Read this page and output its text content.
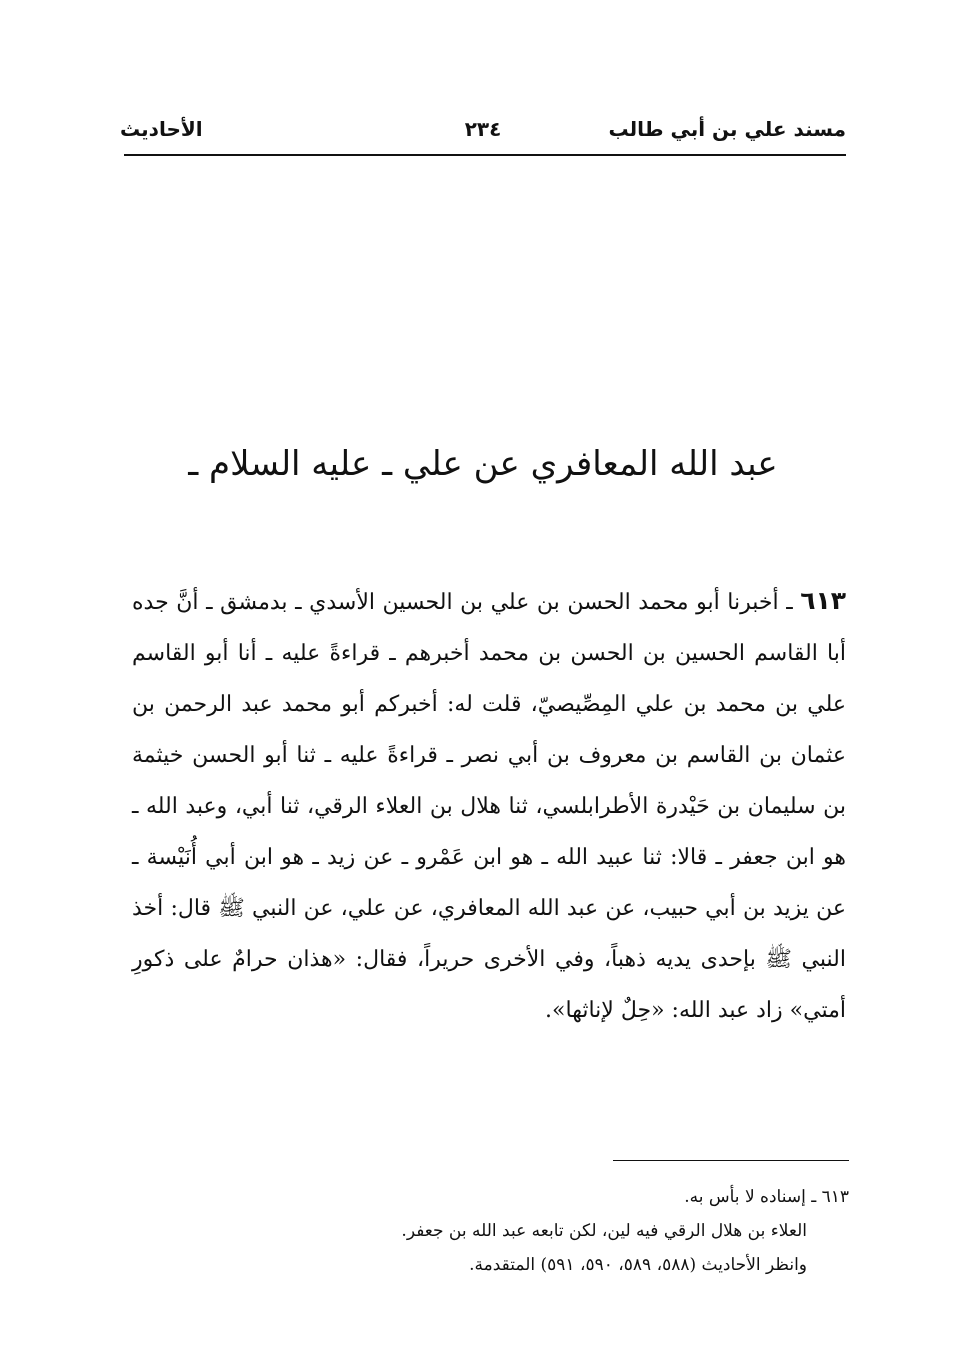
مسند علي بن أبي طالب
٢٣٤
الأحاديث
عبد الله المعافري عن علي ـ عليه السلام ـ
٦١٣ ـ أخبرنا أبو محمد الحسن بن علي بن الحسين الأسدي ـ بدمشق ـ أنَّ جده أبا القاسم الحسين بن الحسن بن محمد أخبرهم ـ قراءةً عليه ـ أنا أبو القاسم علي بن محمد بن علي المِصِّيصيّ، قلت له: أخبركم أبو محمد عبد الرحمن بن عثمان بن القاسم بن معروف بن أبي نصر ـ قراءةً عليه ـ ثنا أبو الحسن خيثمة بن سليمان بن حَيْدرة الأطرابلسي، ثنا هلال بن العلاء الرقي، ثنا أبي، وعبد الله ـ هو ابن جعفر ـ قالا: ثنا عبيد الله ـ هو ابن عَمْرو ـ عن زيد ـ هو ابن أبي أُنَيْسة ـ عن يزيد بن أبي حبيب، عن عبد الله المعافري، عن علي، عن النبي ﷺ قال: أخذ النبي ﷺ بإحدى يديه ذهباً، وفي الأخرى حريراً، فقال: «هذان حرامٌ على ذكورِ أمتي» زاد عبد الله: «حِلٌ لإناثها».
٦١٣ ـ إسناده لا بأس به.
العلاء بن هلال الرقي فيه لين، لكن تابعه عبد الله بن جعفر.
وانظر الأحاديث (٥٨٨، ٥٨٩، ٥٩٠، ٥٩١) المتقدمة.
